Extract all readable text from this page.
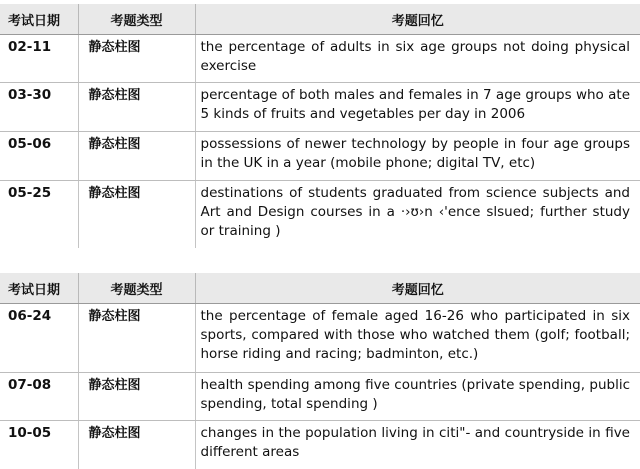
考试日期	考题类型	考题回忆
02-11	静态柱图	the percentage of adults in six age groups not doing physical exercise
03-30	静态柱图	percentage of both males and females in 7 age groups who ate 5 kinds of fruits and vegetables per day in 2006
05-06	静态柱图	possessions of newer technology by people in four age groups in the UK in a year (mobile phone; digital TV, etc)
05-25	静态柱图	destinations of students graduated from science subjects and Art and Design courses in a ·›ʊ›n ‹'ence slsued; further study or training )
考试日期	考题类型	考题回忆
06-24	静态柱图	the percentage of female aged 16-26 who participated in six sports, compared with those who watched them (golf; football; horse riding and racing; badminton, etc.)
07-08	静态柱图	health spending among five countries (private spending, public spending, total spending )
10-05	静态柱图	changes in the population living in citi"- and countryside in five different areas
